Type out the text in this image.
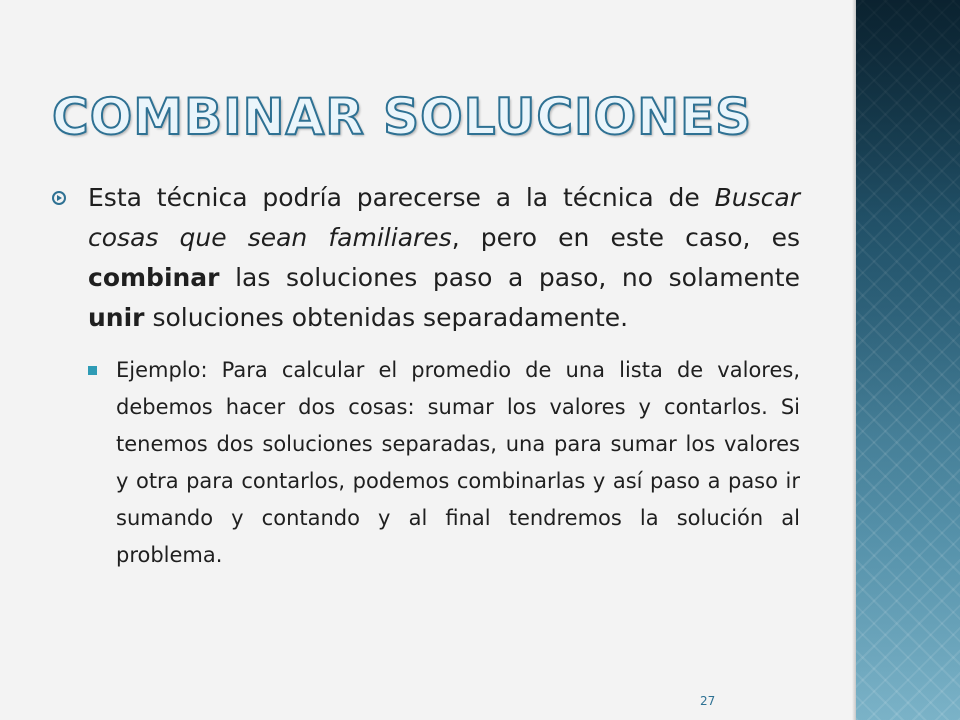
COMBINAR SOLUCIONES
Esta técnica podría parecerse a la técnica de Buscar cosas que sean familiares, pero en este caso, es combinar las soluciones paso a paso, no solamente unir soluciones obtenidas separadamente.
Ejemplo: Para calcular el promedio de una lista de valores, debemos hacer dos cosas: sumar los valores y contarlos. Si tenemos dos soluciones separadas, una para sumar los valores y otra para contarlos, podemos combinarlas y así paso a paso ir sumando y contando y al final tendremos la solución al problema.
27
